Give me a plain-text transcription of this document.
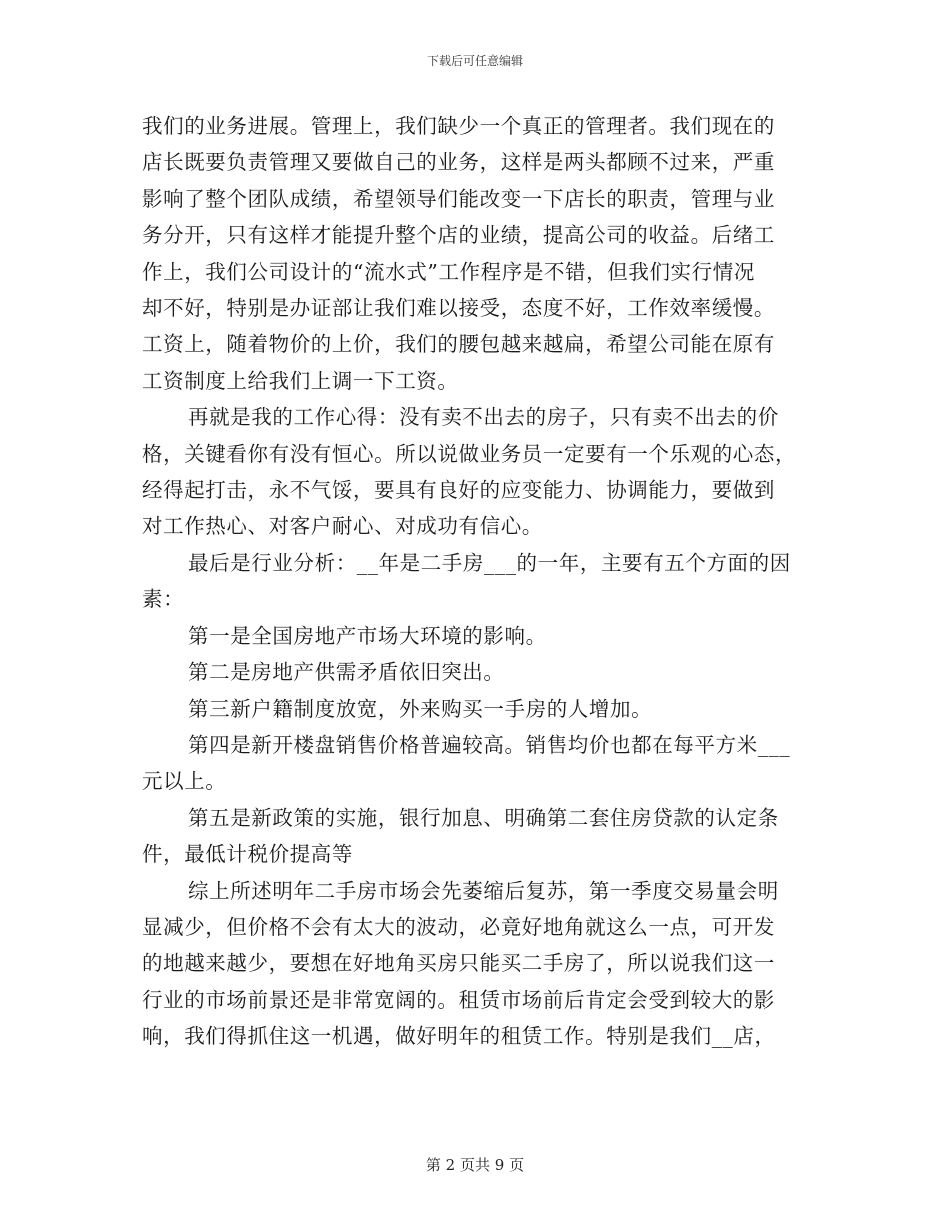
下载后可任意编辑

我们的业务进展。管理上，我们缺少一个真正的管理者。我们现在的
店长既要负责管理又要做自己的业务，这样是两头都顾不过来，严重
影响了整个团队成绩，希望领导们能改变一下店长的职责，管理与业
务分开，只有这样才能提升整个店的业绩，提高公司的收益。后绪工
作上，我们公司设计的“流水式”工作程序是不错，但我们实行情况
却不好，特别是办证部让我们难以接受，态度不好，工作效率缓慢。
工资上，随着物价的上价，我们的腰包越来越扁，希望公司能在原有
工资制度上给我们上调一下工资。

再就是我的工作心得：没有卖不出去的房子，只有卖不出去的价
格，关键看你有没有恒心。所以说做业务员一定要有一个乐观的心态，
经得起打击，永不气馁，要具有良好的应变能力、协调能力，要做到
对工作热心、对客户耐心、对成功有信心。

最后是行业分析：__年是二手房___的一年，主要有五个方面的因
素：

第一是全国房地产市场大环境的影响。

第二是房地产供需矛盾依旧突出。

第三新户籍制度放宽，外来购买一手房的人增加。

第四是新开楼盘销售价格普遍较高。销售均价也都在每平方米___
元以上。

第五是新政策的实施，银行加息、明确第二套住房贷款的认定条
件，最低计税价提高等

综上所述明年二手房市场会先萎缩后复苏，第一季度交易量会明
显减少，但价格不会有太大的波动，必竟好地角就这么一点，可开发
的地越来越少，要想在好地角买房只能买二手房了，所以说我们这一
行业的市场前景还是非常宽阔的。租赁市场前后肯定会受到较大的影
响，我们得抓住这一机遇，做好明年的租赁工作。特别是我们__店，

第 2 页共 9 页
